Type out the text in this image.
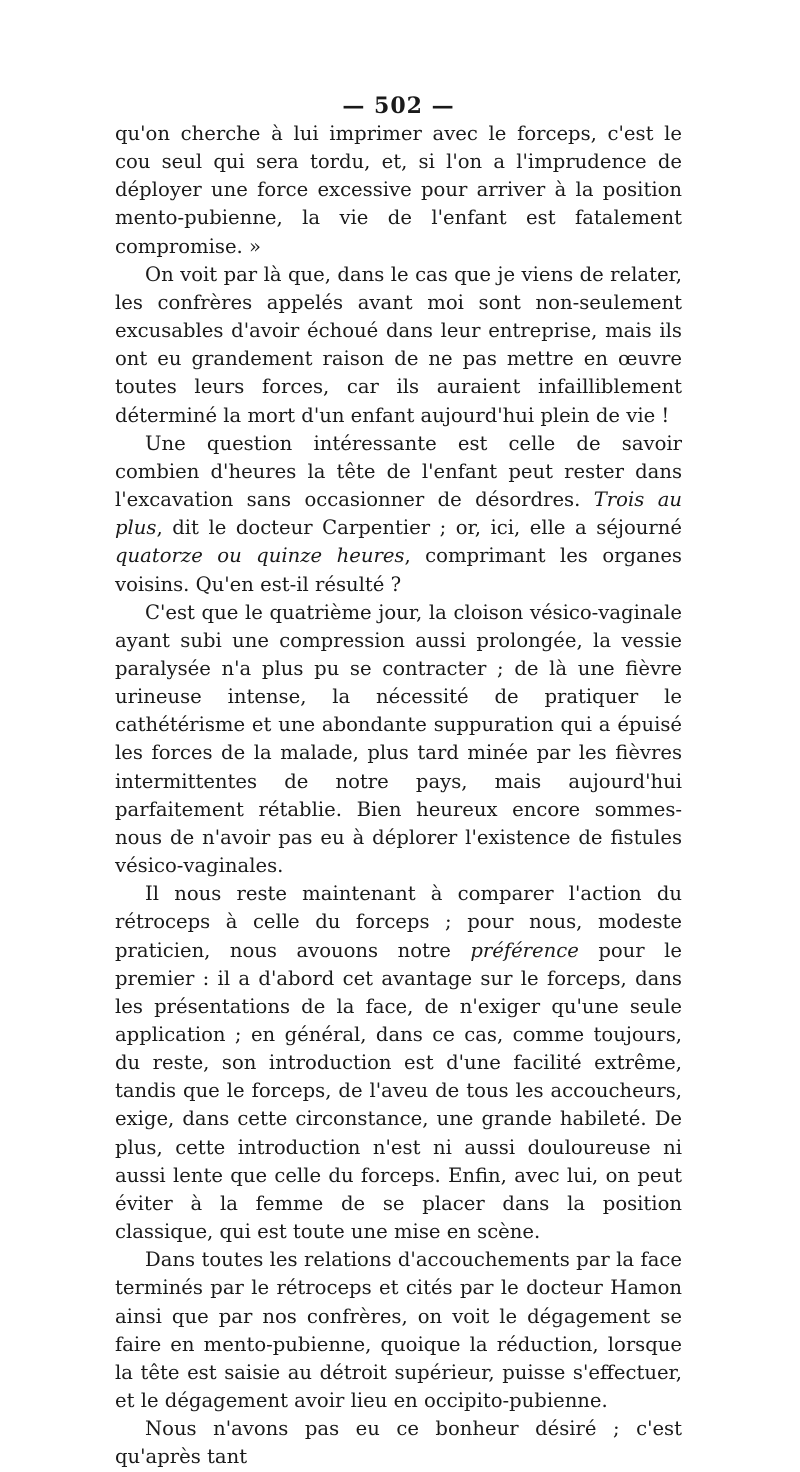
— 502 —

qu'on cherche à lui imprimer avec le forceps, c'est le cou seul qui sera tordu, et, si l'on a l'imprudence de déployer une force excessive pour arriver à la position mento-pubienne, la vie de l'enfant est fatalement compromise. »

On voit par là que, dans le cas que je viens de relater, les confrères appelés avant moi sont non-seulement excusables d'avoir échoué dans leur entreprise, mais ils ont eu grandement raison de ne pas mettre en œuvre toutes leurs forces, car ils auraient infailliblement déterminé la mort d'un enfant aujourd'hui plein de vie !

Une question intéressante est celle de savoir combien d'heures la tête de l'enfant peut rester dans l'excavation sans occasionner de désordres. Trois au plus, dit le docteur Carpentier ; or, ici, elle a séjourné quatorze ou quinze heures, comprimant les organes voisins. Qu'en est-il résulté ?

C'est que le quatrième jour, la cloison vésico-vaginale ayant subi une compression aussi prolongée, la vessie paralysée n'a plus pu se contracter ; de là une fièvre urineuse intense, la nécessité de pratiquer le cathétérisme et une abondante suppuration qui a épuisé les forces de la malade, plus tard minée par les fièvres intermittentes de notre pays, mais aujourd'hui parfaitement rétablie. Bien heureux encore sommes-nous de n'avoir pas eu à déplorer l'existence de fistules vésico-vaginales.

Il nous reste maintenant à comparer l'action du rétroceps à celle du forceps ; pour nous, modeste praticien, nous avouons notre préférence pour le premier : il a d'abord cet avantage sur le forceps, dans les présentations de la face, de n'exiger qu'une seule application ; en général, dans ce cas, comme toujours, du reste, son introduction est d'une facilité extrême, tandis que le forceps, de l'aveu de tous les accoucheurs, exige, dans cette circonstance, une grande habileté. De plus, cette introduction n'est ni aussi douloureuse ni aussi lente que celle du forceps. Enfin, avec lui, on peut éviter à la femme de se placer dans la position classique, qui est toute une mise en scène.

Dans toutes les relations d'accouchements par la face terminés par le rétroceps et cités par le docteur Hamon ainsi que par nos confrères, on voit le dégagement se faire en mento-pubienne, quoique la réduction, lorsque la tête est saisie au détroit supérieur, puisse s'effectuer, et le dégagement avoir lieu en occipito-pubienne.

Nous n'avons pas eu ce bonheur désiré ; c'est qu'après tant
